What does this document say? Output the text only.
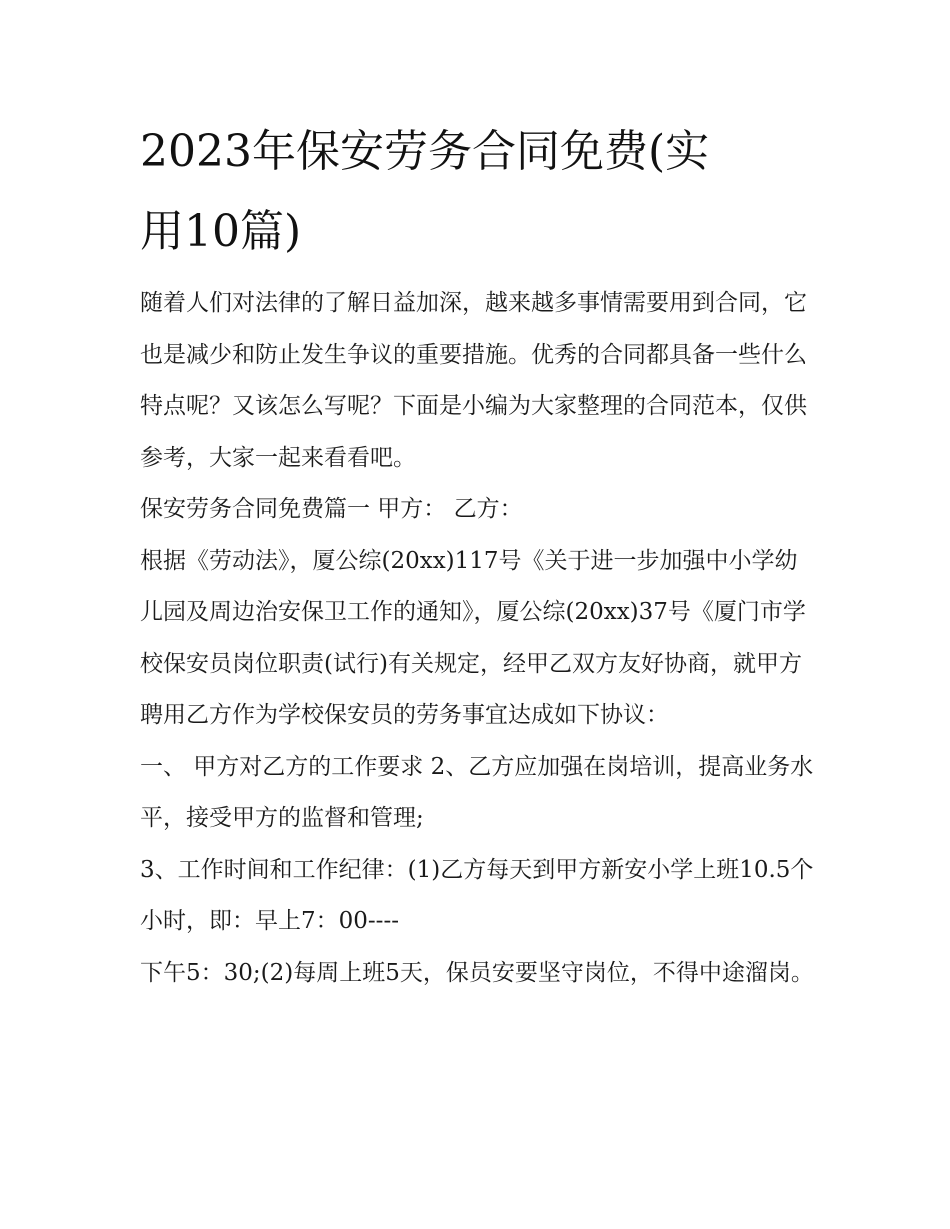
2023年保安劳务合同免费(实
用10篇)

随着人们对法律的了解日益加深，越来越多事情需要用到合同，它也是减少和防止发生争议的重要措施。优秀的合同都具备一些什么特点呢？又该怎么写呢？下面是小编为大家整理的合同范本，仅供参考，大家一起来看看吧。

保安劳务合同免费篇一 甲方： 乙方：

根据《劳动法》，厦公综(20xx)117号《关于进一步加强中小学幼儿园及周边治安保卫工作的通知》，厦公综(20xx)37号《厦门市学校保安员岗位职责(试行)有关规定，经甲乙双方友好协商，就甲方聘用乙方作为学校保安员的劳务事宜达成如下协议：

一、 甲方对乙方的工作要求 2、乙方应加强在岗培训，提高业务水平，接受甲方的监督和管理;

3、工作时间和工作纪律：(1)乙方每天到甲方新安小学上班10.5个小时，即：早上7：00----

下午5：30;(2)每周上班5天，保员安要坚守岗位，不得中途溜岗。
